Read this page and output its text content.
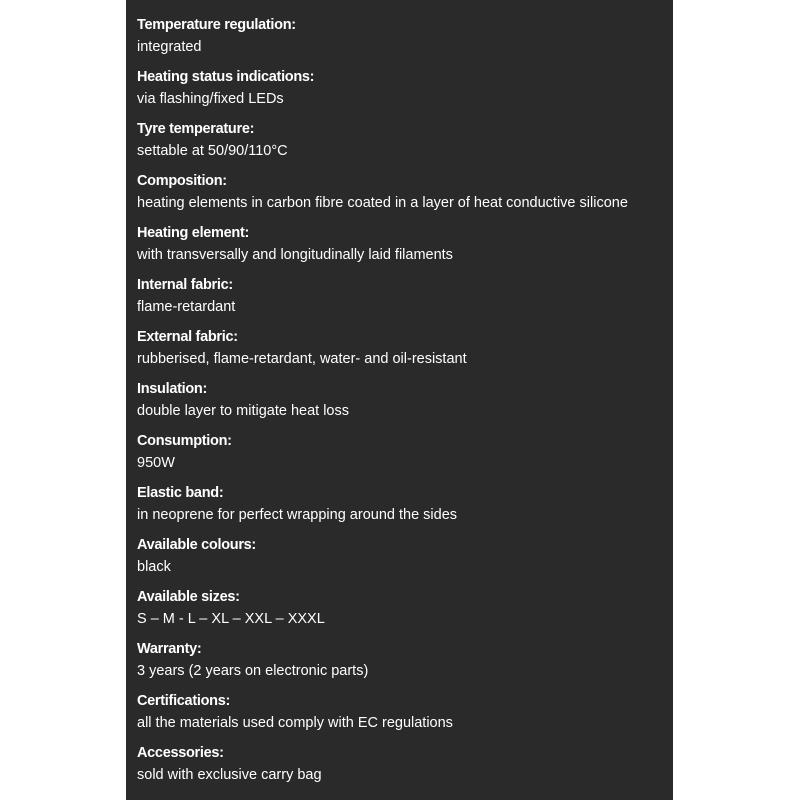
Temperature regulation:
integrated
Heating status indications:
via flashing/fixed LEDs
Tyre temperature:
settable at 50/90/110°C
Composition:
heating elements in carbon fibre coated in a layer of heat conductive silicone
Heating element:
with transversally and longitudinally laid filaments
Internal fabric:
flame-retardant
External fabric:
rubberised, flame-retardant, water- and oil-resistant
Insulation:
double layer to mitigate heat loss
Consumption:
950W
Elastic band:
in neoprene for perfect wrapping around the sides
Available colours:
black
Available sizes:
S – M - L – XL – XXL – XXXL
Warranty:
3 years (2 years on electronic parts)
Certifications:
all the materials used comply with EC regulations
Accessories:
sold with exclusive carry bag
